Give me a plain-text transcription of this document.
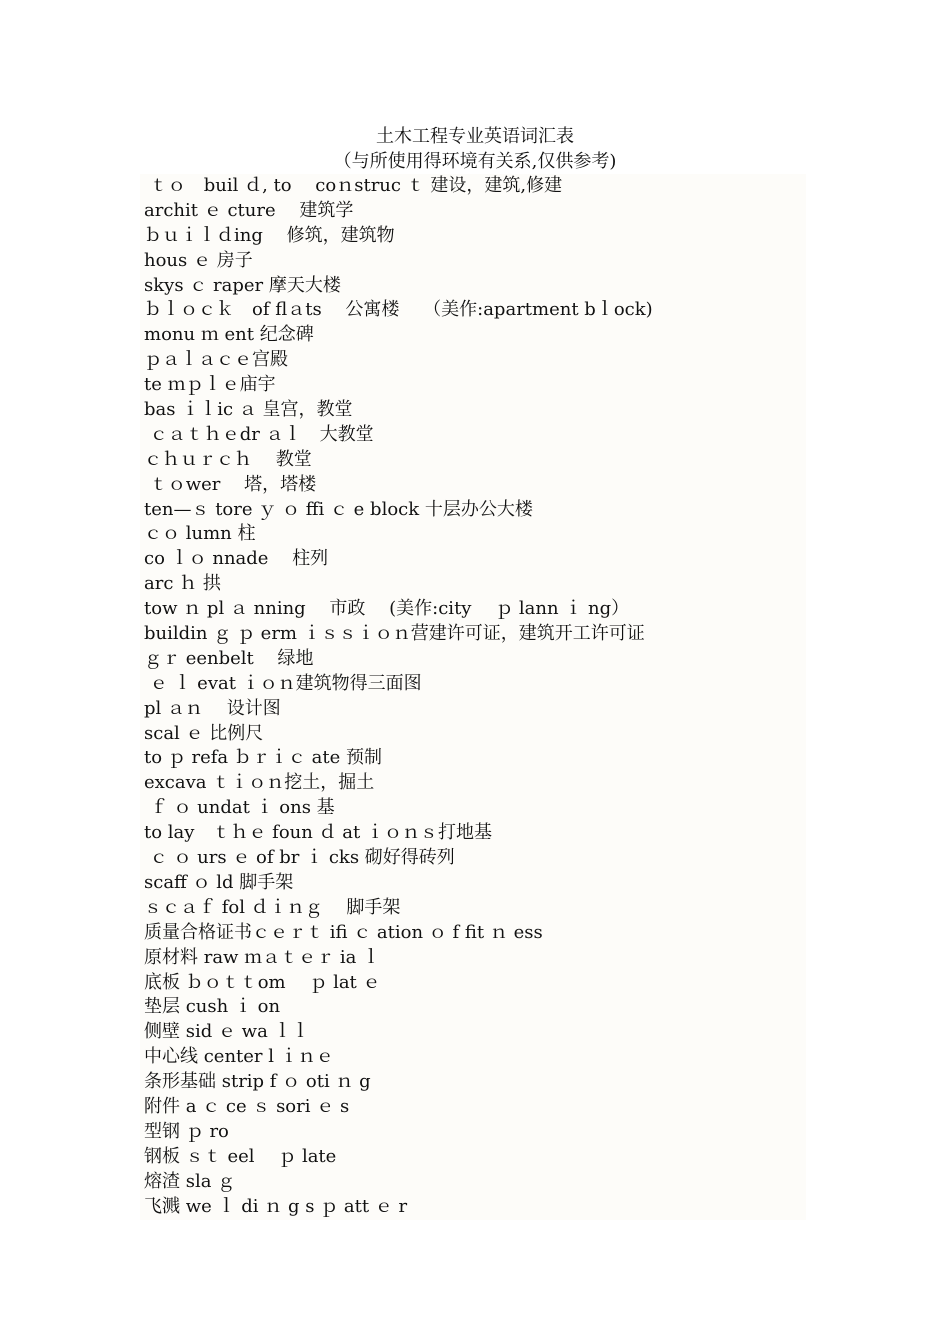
土木工程专业英语词汇表
（与所使用得环境有关系,仅供参考)
ｔｏ　buil ｄ, to　 coｎstruc ｔ 建设，建筑,修建
archit ｅ cture　 建筑学
ｂｕｉｌｄing　 修筑，建筑物
hous ｅ 房子
skys ｃ raper 摩天大楼
ｂｌｏｃｋ　of flａts　 公寓楼　 （美作:apartment bｌock)
monu ｍ ent 纪念碑
ｐａｌａｃｅ宫殿
te ｍｐｌｅ庙宇
bas ｉｌic ａ 皇宫，教堂
ｃａｔｈｅdr ａｌ　大教堂
ｃｈｕｒｃｈ　 教堂
ｔｏwer　 塔，塔楼
ten—ｓ tore ｙ ｏ ffi ｃ e block 十层办公大楼
ｃｏ lumn 柱
co ｌｏ nnade　 柱列
arc ｈ 拱
tow ｎ pl ａ nning　 市政　 (美作:city　 ｐ lann ｉ ng）
buildin ｇ ｐ erm ｉｓｓｉｏｎ营建许可证，建筑开工许可证
ｇｒ eenbelt　 绿地
ｅ ｌ evat ｉｏｎ建筑物得三面图
pl ａｎ　 设计图
scal ｅ 比例尺
to ｐ refa ｂｒｉｃ ate 预制
excava ｔｉｏｎ挖土，掘土
ｆ ｏ undat ｉ ons 基
to lay　ｔｈｅ foun ｄ at ｉｏｎｓ打地基
ｃ ｏ urs ｅ of br ｉ cks 砌好得砖列
scaff ｏ ld 脚手架
ｓｃａｆ fol ｄｉｎｇ　 脚手架
质量合格证书ｃｅｒｔ ifi ｃ ation ｏ f fit ｎ ess
原材料 raw ｍａｔｅｒ ia ｌ
底板 ｂｏｔｔom　 ｐ lat ｅ
垫层 cush ｉ on
侧壁 sid ｅ wa ｌｌ
中心线 center l ｉｎｅ
条形基础 strip f ｏ oti ｎ g
附件 a ｃ ce ｓ sori ｅ s
型钢 ｐ ro
钢板 ｓｔ eel　 ｐ late
熔渣 sla ｇ
飞溅 we ｌ di ｎ g s ｐ att ｅ r
